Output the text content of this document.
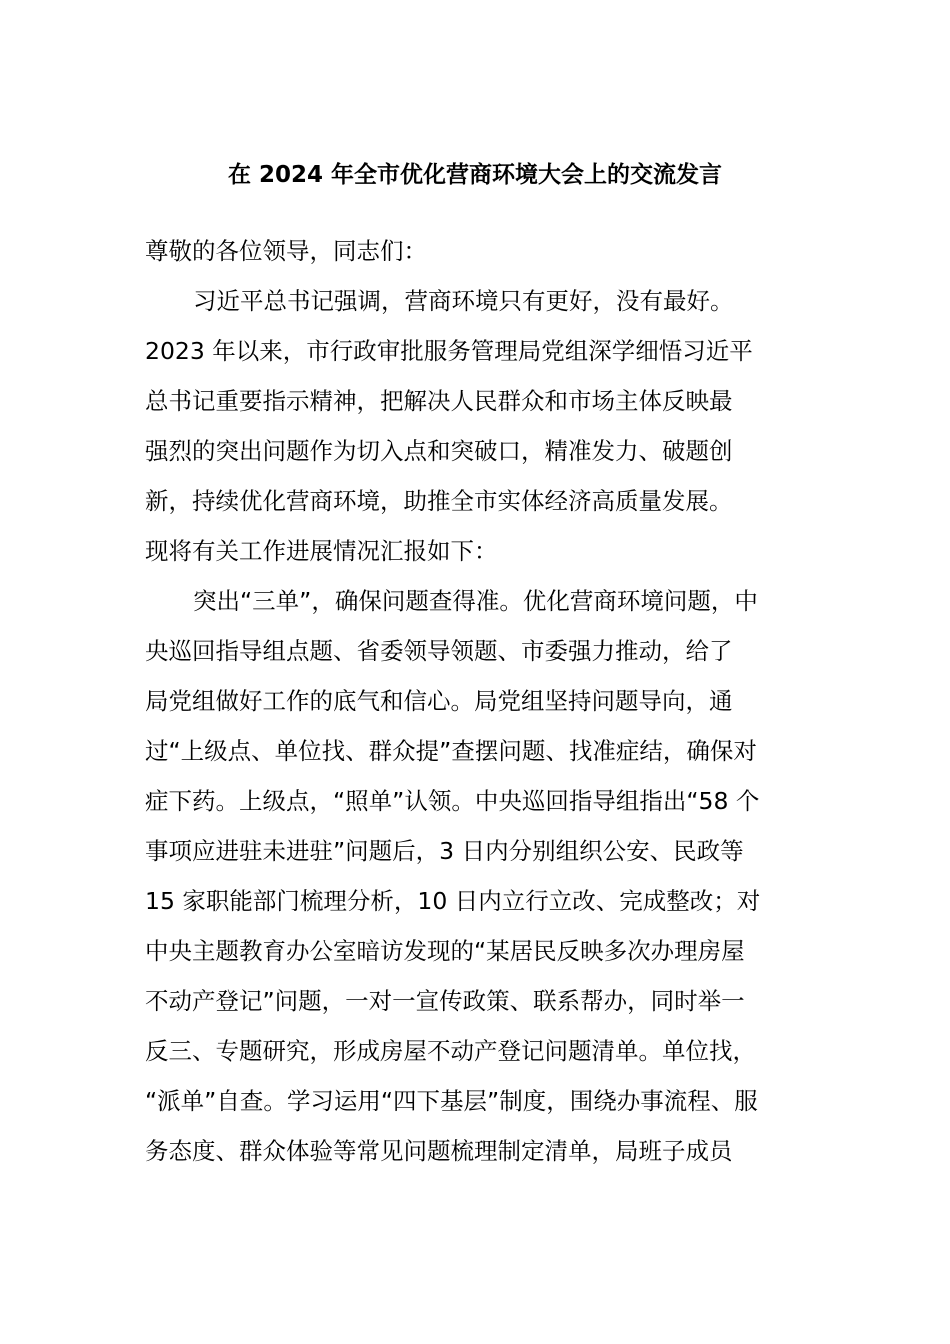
在 2024 年全市优化营商环境大会上的交流发言
尊敬的各位领导，同志们：
习近平总书记强调，营商环境只有更好，没有最好。
2023 年以来，市行政审批服务管理局党组深学细悟习近平
总书记重要指示精神，把解决人民群众和市场主体反映最
强烈的突出问题作为切入点和突破口，精准发力、破题创
新，持续优化营商环境，助推全市实体经济高质量发展。
现将有关工作进展情况汇报如下：
突出“三单”，确保问题查得准。优化营商环境问题，中
央巡回指导组点题、省委领导领题、市委强力推动，给了
局党组做好工作的底气和信心。局党组坚持问题导向，通
过“上级点、单位找、群众提”查摆问题、找准症结，确保对
症下药。上级点，“照单”认领。中央巡回指导组指出“58 个
事项应进驻未进驻”问题后，3 日内分别组织公安、民政等
15 家职能部门梳理分析，10 日内立行立改、完成整改；对
中央主题教育办公室暗访发现的“某居民反映多次办理房屋
不动产登记”问题，一对一宣传政策、联系帮办，同时举一
反三、专题研究，形成房屋不动产登记问题清单。单位找，
“派单”自查。学习运用“四下基层”制度，围绕办事流程、服
务态度、群众体验等常见问题梳理制定清单，局班子成员
